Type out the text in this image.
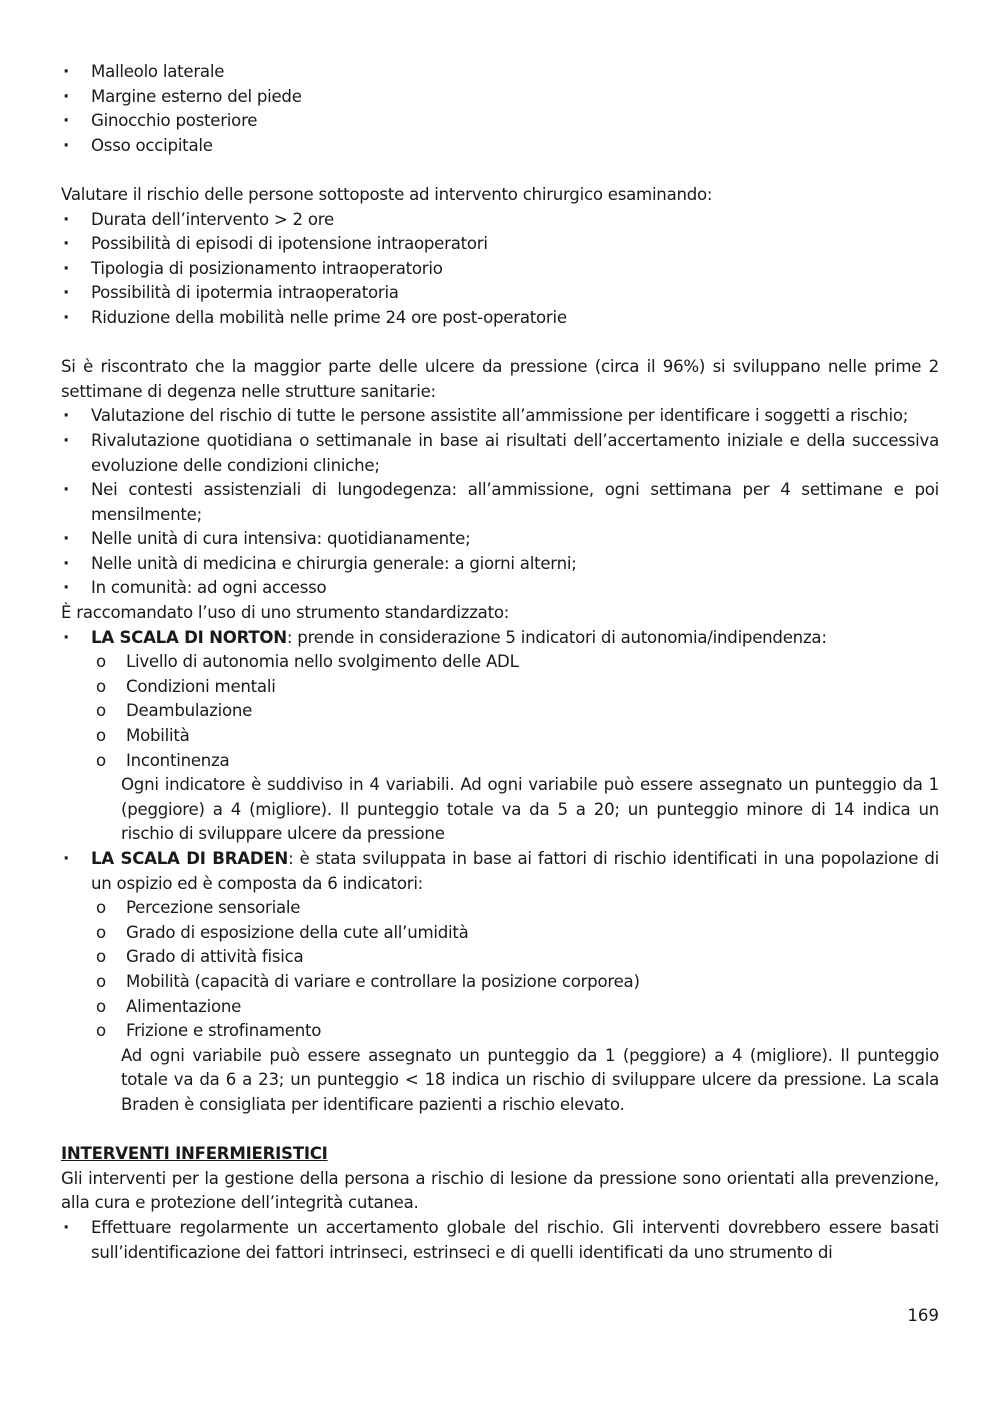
· Malleolo laterale
· Margine esterno del piede
· Ginocchio posteriore
· Osso occipitale
Valutare il rischio delle persone sottoposte ad intervento chirurgico esaminando:
· Durata dell’intervento > 2 ore
· Possibilità di episodi di ipotensione intraoperatori
· Tipologia di posizionamento intraoperatorio
· Possibilità di ipotermia intraoperatoria
· Riduzione della mobilità nelle prime 24 ore post-operatorie
Si è riscontrato che la maggior parte delle ulcere da pressione (circa il 96%) si sviluppano nelle prime 2 settimane di degenza nelle strutture sanitarie:
· Valutazione del rischio di tutte le persone assistite all’ammissione per identificare i soggetti a rischio;
· Rivalutazione quotidiana o settimanale in base ai risultati dell’accertamento iniziale e della successiva evoluzione delle condizioni cliniche;
· Nei contesti assistenziali di lungodegenza: all’ammissione, ogni settimana per 4 settimane e poi mensilmente;
· Nelle unità di cura intensiva: quotidianamente;
· Nelle unità di medicina e chirurgia generale: a giorni alterni;
· In comunità: ad ogni accesso
È raccomandato l’uso di uno strumento standardizzato:
· LA SCALA DI NORTON: prende in considerazione 5 indicatori di autonomia/indipendenza:
o Livello di autonomia nello svolgimento delle ADL
o Condizioni mentali
o Deambulazione
o Mobilità
o Incontinenza
Ogni indicatore è suddiviso in 4 variabili. Ad ogni variabile può essere assegnato un punteggio da 1 (peggiore) a 4 (migliore). Il punteggio totale va da 5 a 20; un punteggio minore di 14 indica un rischio di sviluppare ulcere da pressione
· LA SCALA DI BRADEN: è stata sviluppata in base ai fattori di rischio identificati in una popolazione di un ospizio ed è composta da 6 indicatori:
o Percezione sensoriale
o Grado di esposizione della cute all’umidità
o Grado di attività fisica
o Mobilità (capacità di variare e controllare la posizione corporea)
o Alimentazione
o Frizione e strofinamento
Ad ogni variabile può essere assegnato un punteggio da 1 (peggiore) a 4 (migliore). Il punteggio totale va da 6 a 23; un punteggio < 18 indica un rischio di sviluppare ulcere da pressione. La scala Braden è consigliata per identificare pazienti a rischio elevato.
INTERVENTI INFERMIERISTICI
Gli interventi per la gestione della persona a rischio di lesione da pressione sono orientati alla prevenzione, alla cura e protezione dell’integrità cutanea.
· Effettuare regolarmente un accertamento globale del rischio. Gli interventi dovrebbero essere basati sull’identificazione dei fattori intrinseci, estrinseci e di quelli identificati da uno strumento di
169
